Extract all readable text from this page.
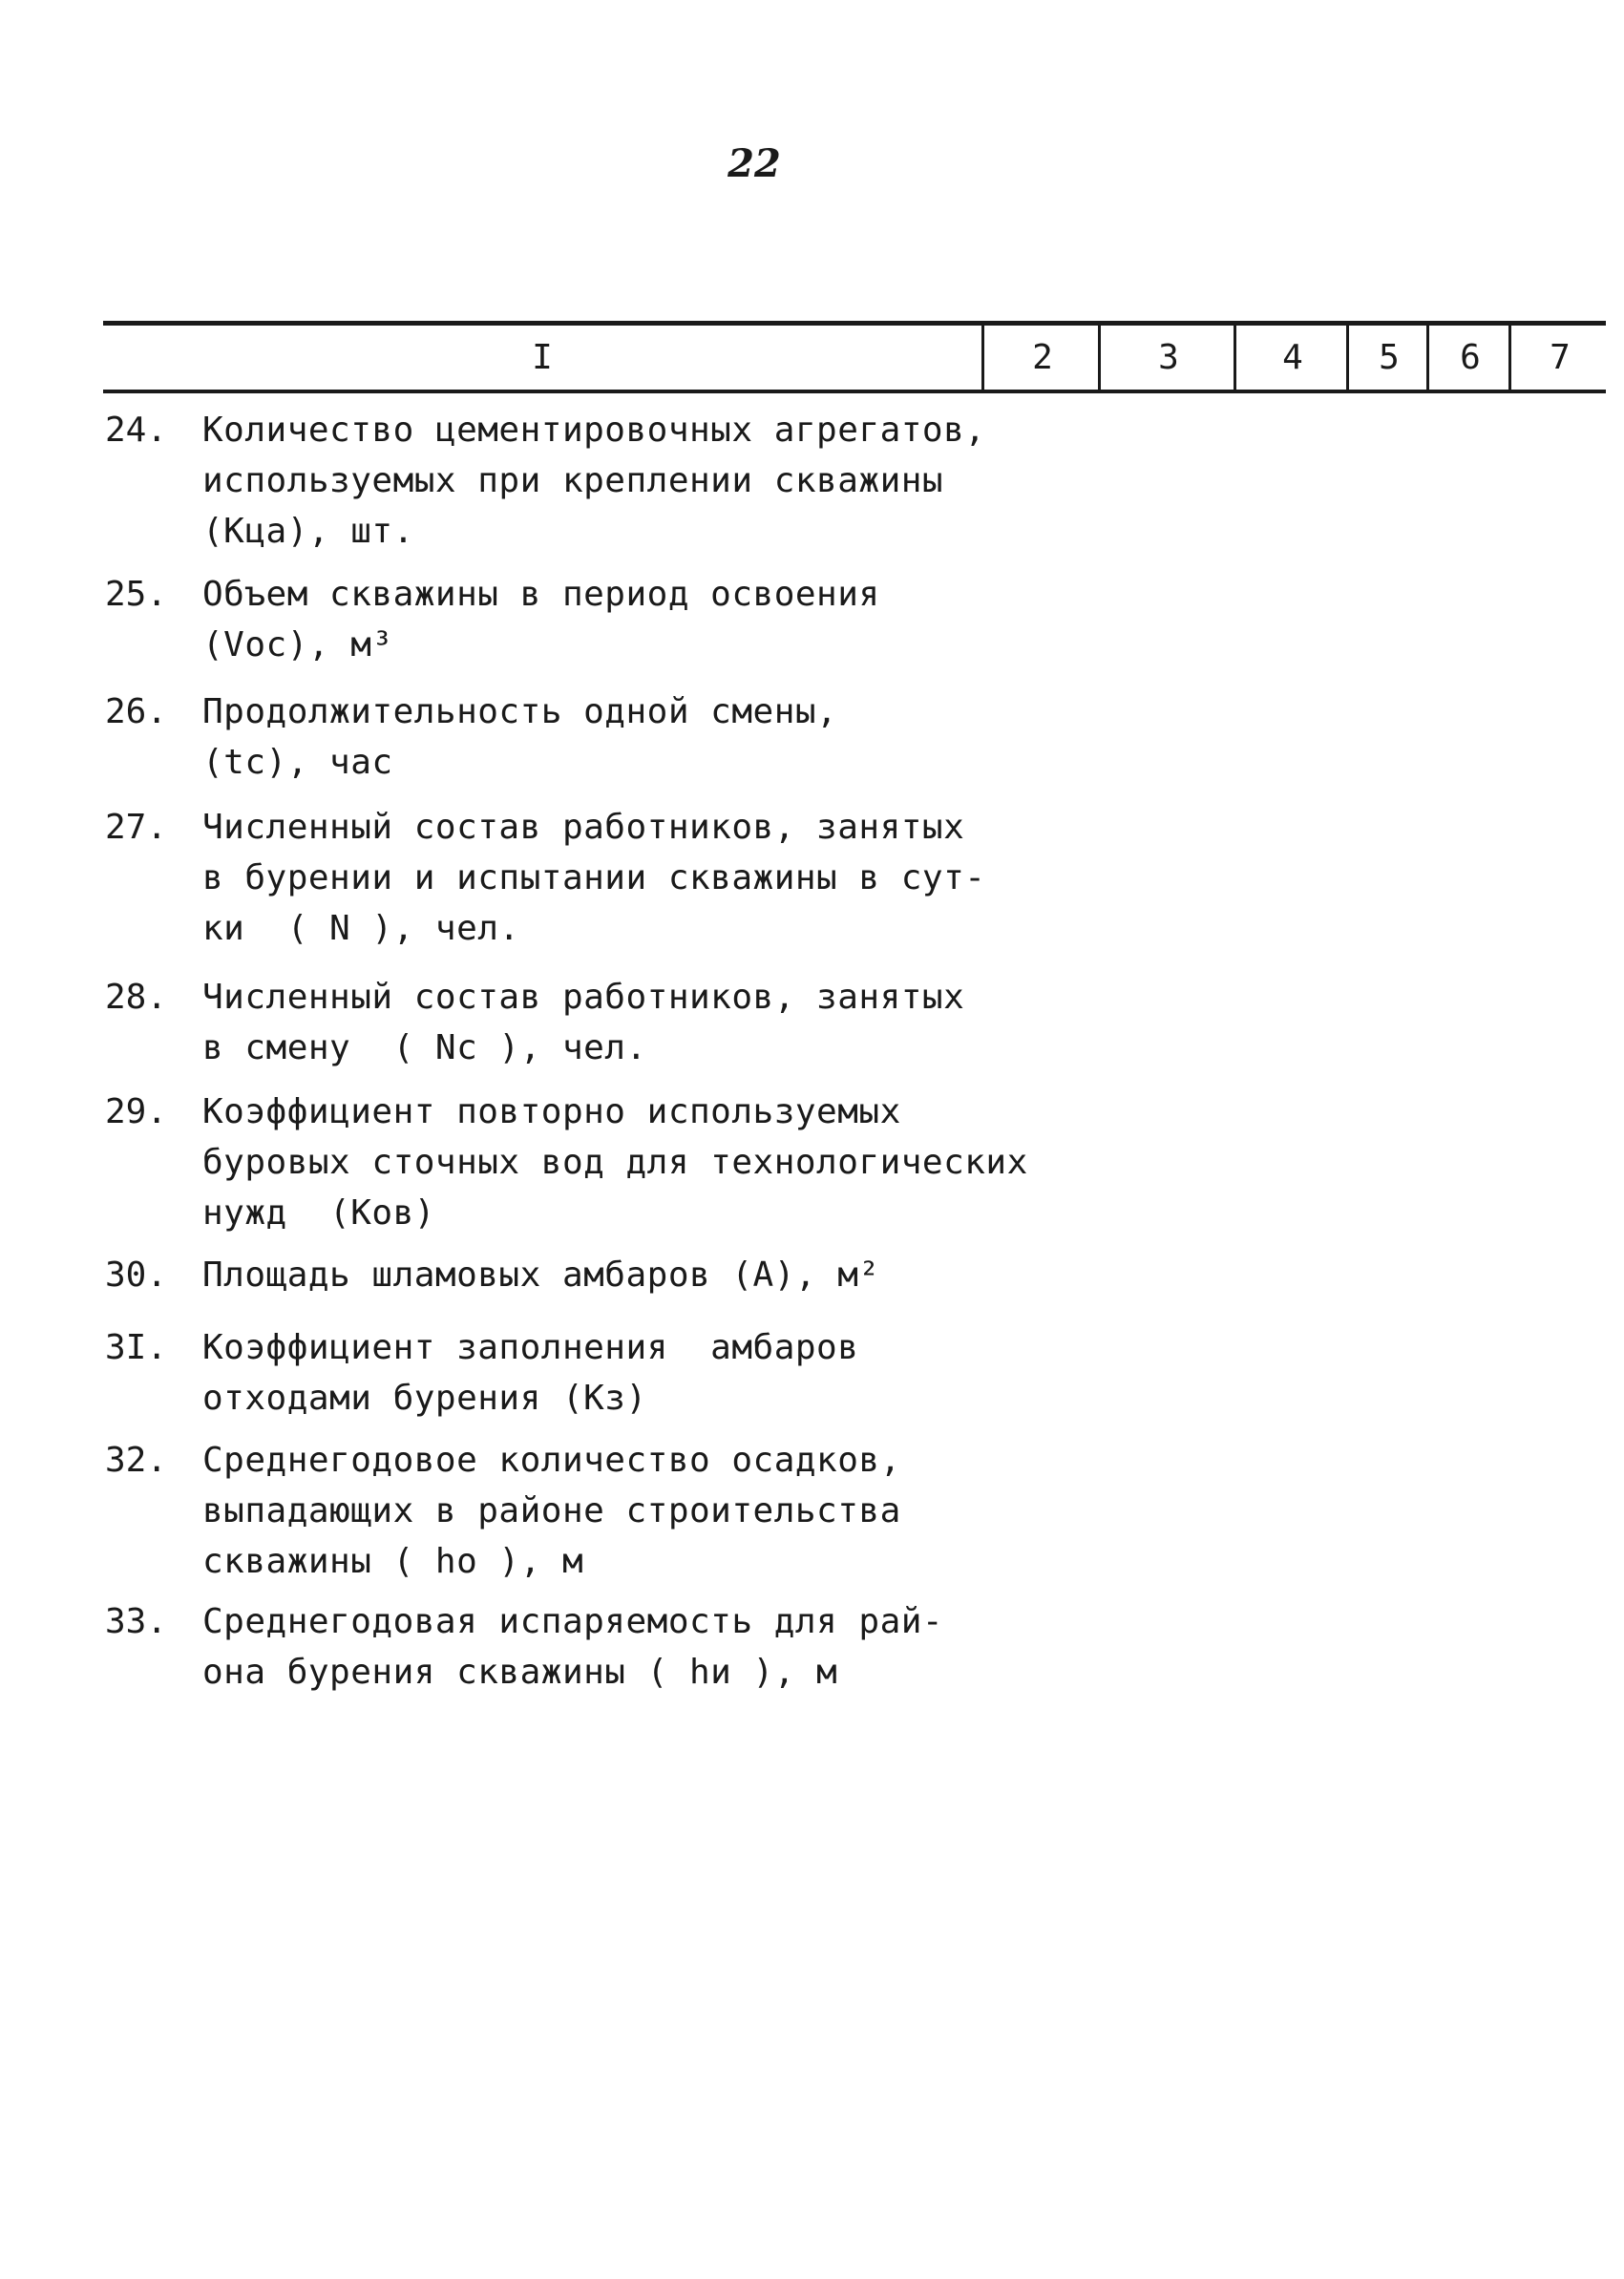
22
I	2	3	4	5	6	7
24.	Количество цементировочных агрегатов,
используемых при креплении скважины
(Кца), шт.
25.	Объем скважины в период освоения
(Vос), м³
26.	Продолжительность одной смены,
(tс), час
27.	Численный состав работников, занятых
в бурении и испытании скважины в сут-
ки  ( N ), чел.
28.	Численный состав работников, занятых
в смену  ( Nс ), чел.
29.	Коэффициент повторно используемых
буровых сточных вод для технологических
нужд  (Ков)
30.	Площадь шламовых амбаров (А), м²
3I.	Коэффициент заполнения  амбаров
отходами бурения (Кз)
32.	Среднегодовое количество осадков,
выпадающих в районе строительства
скважины ( hо ), м
33.	Среднегодовая испаряемость для рай-
она бурения скважины ( hи ), м
